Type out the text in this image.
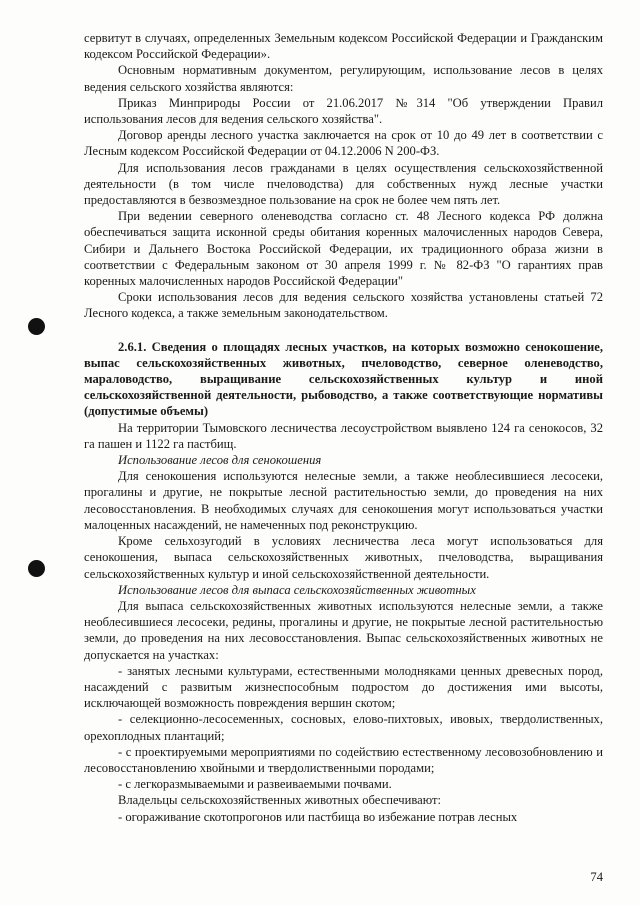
сервитут в случаях, определенных Земельным кодексом Российской Федерации и Гражданским кодексом Российской Федерации».

Основным нормативным документом, регулирующим, использование лесов в целях ведения сельского хозяйства являются:

Приказ Минприроды России от 21.06.2017 №314 "Об утверждении Правил использования лесов для ведения сельского хозяйства".

Договор аренды лесного участка заключается на срок от 10 до 49 лет в соответствии с Лесным кодексом Российской Федерации от 04.12.2006 N 200-ФЗ.

Для использования лесов гражданами в целях осуществления сельскохозяйственной деятельности (в том числе пчеловодства) для собственных нужд лесные участки предоставляются в безвозмездное пользование на срок не более чем пять лет.

При ведении северного оленеводства согласно ст. 48 Лесного кодекса РФ должна обеспечиваться защита исконной среды обитания коренных малочисленных народов Севера, Сибири и Дальнего Востока Российской Федерации, их традиционного образа жизни в соответствии с Федеральным законом от 30 апреля 1999 г. № 82-ФЗ "О гарантиях прав коренных малочисленных народов Российской Федерации"

Сроки использования лесов для ведения сельского хозяйства установлены статьей 72 Лесного кодекса, а также земельным законодательством.

2.6.1. Сведения о площадях лесных участков, на которых возможно сенокошение, выпас сельскохозяйственных животных, пчеловодство, северное оленеводство, мараловодство, выращивание сельскохозяйственных культур и иной сельскохозяйственной деятельности, рыбоводство, а также соответствующие нормативы (допустимые объемы)

На территории Тымовского лесничества лесоустройством выявлено 124 га сенокосов, 32 га пашен и 1122 га пастбищ.

Использование лесов для сенокошения

Для сенокошения используются нелесные земли, а также необлесившиеся лесосеки, прогалины и другие, не покрытые лесной растительностью земли, до проведения на них лесовосстановления. В необходимых случаях для сенокошения могут использоваться участки малоценных насаждений, не намеченных под реконструкцию.

Кроме сельхозугодий в условиях лесничества леса могут использоваться для сенокошения, выпаса сельскохозяйственных животных, пчеловодства, выращивания сельскохозяйственных культур и иной сельскохозяйственной деятельности.

Использование лесов для выпаса сельскохозяйственных животных

Для выпаса сельскохозяйственных животных используются нелесные земли, а также необлесившиеся лесосеки, редины, прогалины и другие, не покрытые лесной растительностью земли, до проведения на них лесовосстановления. Выпас сельскохозяйственных животных не допускается на участках:

- занятых лесными культурами, естественными молодняками ценных древесных пород, насаждений с развитым жизнеспособным подростом до достижения ими высоты, исключающей возможность повреждения вершин скотом;

- селекционно-лесосеменных, сосновых, елово-пихтовых, ивовых, твердолиственных, орехоплодных плантаций;

- с проектируемыми мероприятиями по содействию естественному лесовозобновлению и лесовосстановлению хвойными и твердолиственными породами;

- с легкоразмываемыми и развеиваемыми почвами.

Владельцы сельскохозяйственных животных обеспечивают:

- огораживание скотопрогонов или пастбища во избежание потрав лесных

74
